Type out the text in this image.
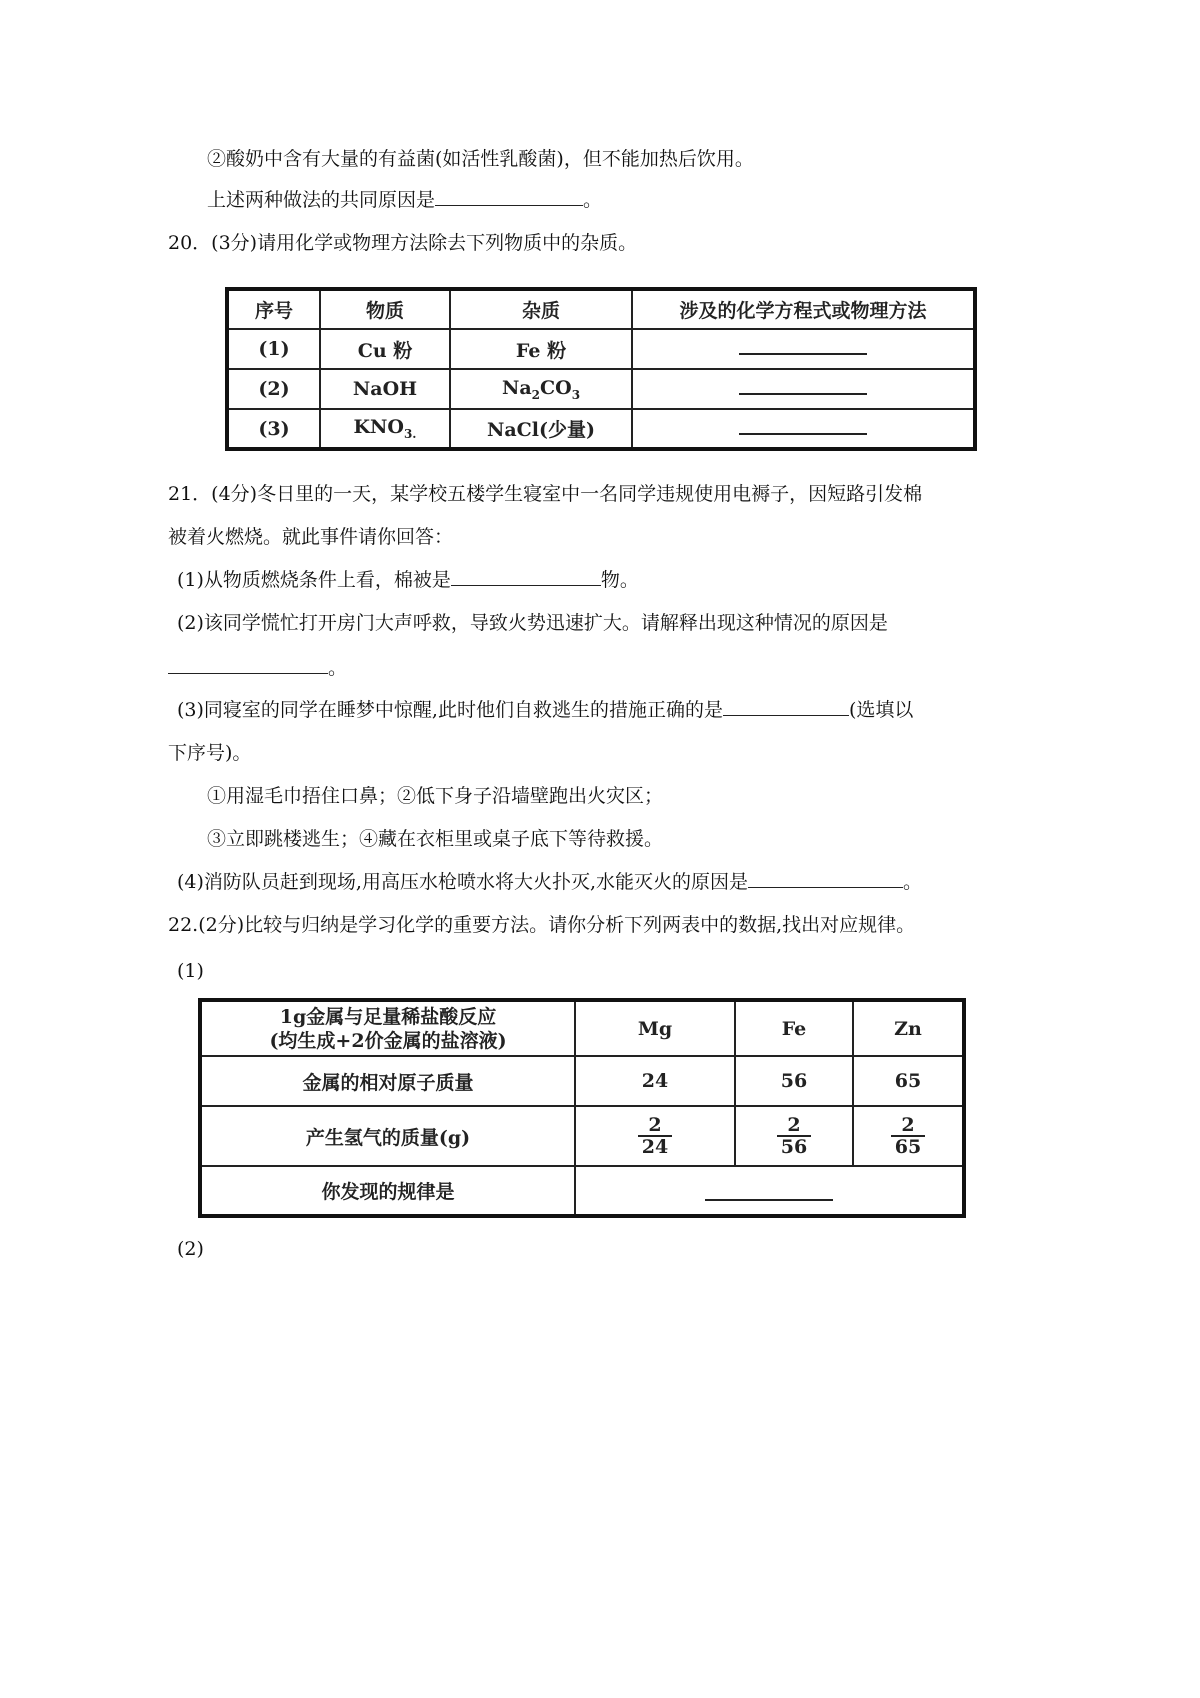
②酸奶中含有大量的有益菌(如活性乳酸菌)，但不能加热后饮用。
上述两种做法的共同原因是	。
20．(3分)请用化学或物理方法除去下列物质中的杂质。
序号	物质	杂质	涉及的化学方程式或物理方法
(1)	Cu 粉	Fe 粉	
(2)	NaOH	$Na_2CO_3$	
(3)	$KNO_{3.}$	NaCl(少量)	
21．(4分)冬日里的一天，某学校五楼学生寝室中一名同学违规使用电褥子，因短路引发棉
被着火燃烧。就此事件请你回答：
(1)从物质燃烧条件上看，棉被是	物。
(2)该同学慌忙打开房门大声呼救，导致火势迅速扩大。请解释出现这种情况的原因是
。
(3)同寝室的同学在睡梦中惊醒,此时他们自救逃生的措施正确的是	(选填以
下序号)。
①用湿毛巾捂住口鼻；②低下身子沿墙壁跑出火灾区；
③立即跳楼逃生；④藏在衣柜里或桌子底下等待救援。
(4)消防队员赶到现场,用高压水枪喷水将大火扑灭,水能灭火的原因是	。
22.(2分)比较与归纳是学习化学的重要方法。请你分析下列两表中的数据,找出对应规律。
(1)
1g金属与足量稀盐酸反应
(均生成+2价金属的盐溶液)	Mg	Fe	Zn
金属的相对原子质量	24	56	65
产生氢气的质量(g)	$\frac{2}{24}$	$\frac{2}{56}$	$\frac{2}{65}$

你发现的规律是			
(2)
